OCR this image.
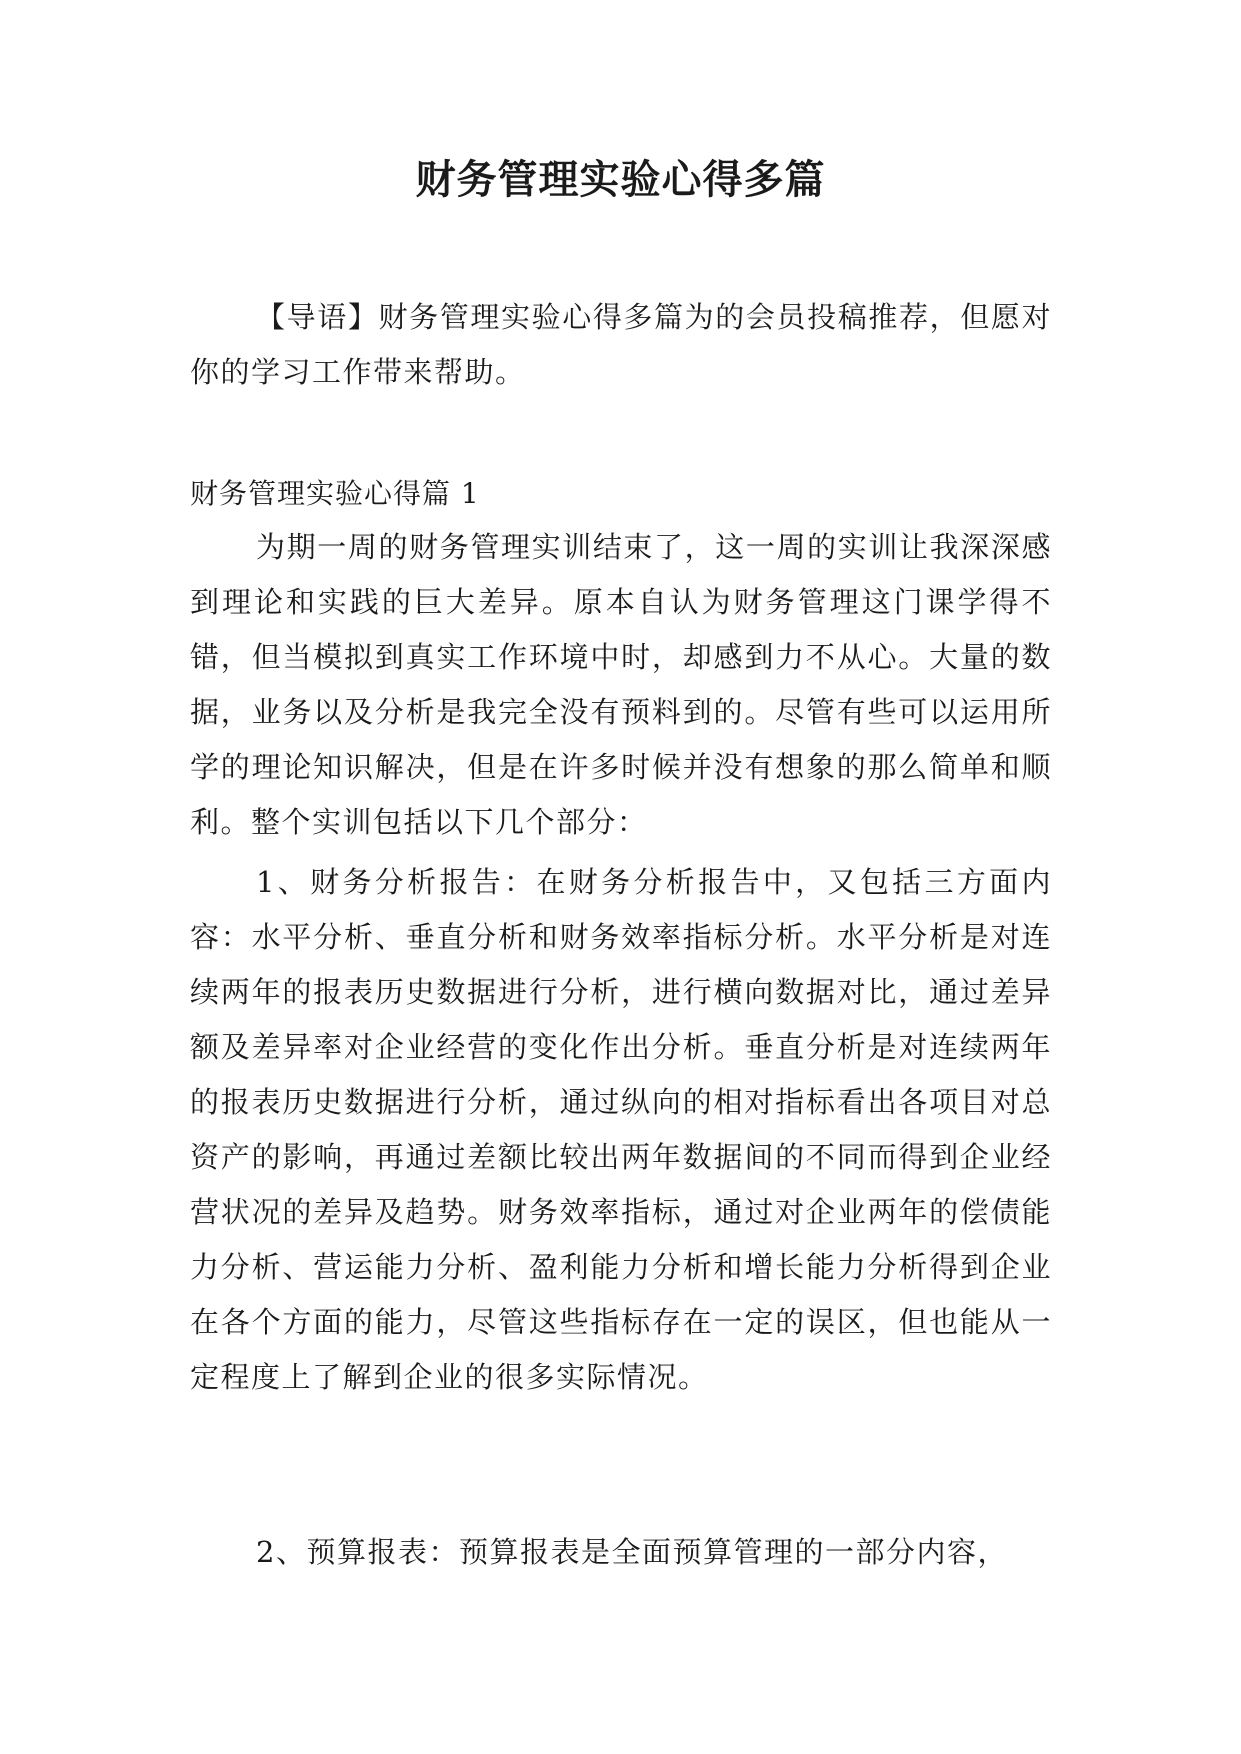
财务管理实验心得多篇

【导语】财务管理实验心得多篇为的会员投稿推荐，但愿对你的学习工作带来帮助。

财务管理实验心得篇 1

为期一周的财务管理实训结束了，这一周的实训让我深深感到理论和实践的巨大差异。原本自认为财务管理这门课学得不错，但当模拟到真实工作环境中时，却感到力不从心。大量的数据，业务以及分析是我完全没有预料到的。尽管有些可以运用所学的理论知识解决，但是在许多时候并没有想象的那么简单和顺利。整个实训包括以下几个部分：

1、财务分析报告：在财务分析报告中，又包括三方面内容：水平分析、垂直分析和财务效率指标分析。水平分析是对连续两年的报表历史数据进行分析，进行横向数据对比，通过差异额及差异率对企业经营的变化作出分析。垂直分析是对连续两年的报表历史数据进行分析，通过纵向的相对指标看出各项目对总资产的影响，再通过差额比较出两年数据间的不同而得到企业经营状况的差异及趋势。财务效率指标，通过对企业两年的偿债能力分析、营运能力分析、盈利能力分析和增长能力分析得到企业在各个方面的能力，尽管这些指标存在一定的误区，但也能从一定程度上了解到企业的很多实际情况。

2、预算报表：预算报表是全面预算管理的一部分内容，
